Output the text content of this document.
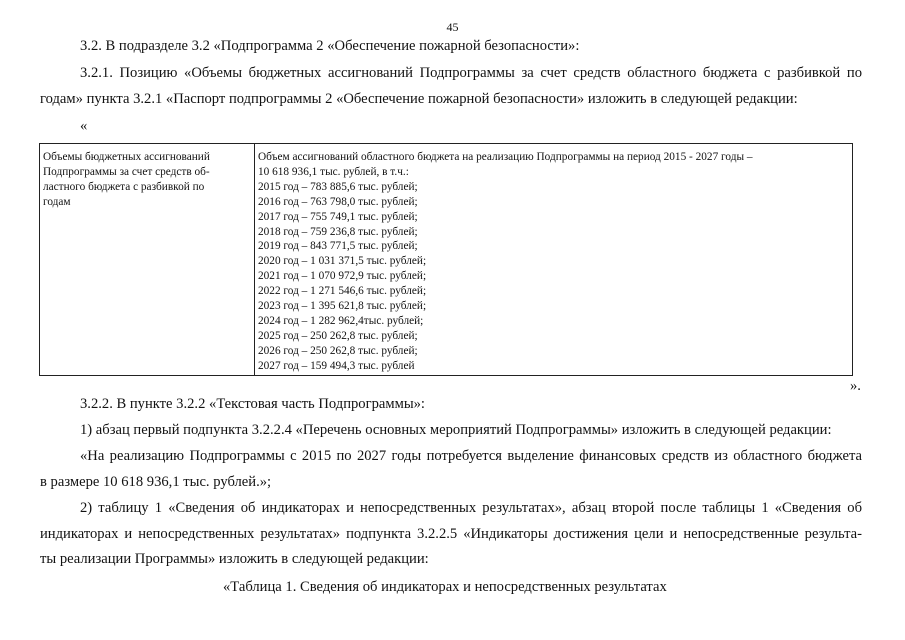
45
3.2. В подразделе 3.2 «Подпрограмма 2 «Обеспечение пожарной безопасности»:
3.2.1. Позицию «Объемы бюджетных ассигнований Подпрограммы за счет средств областного бюджета с разбивкой по
годам» пункта 3.2.1 «Паспорт подпрограммы 2 «Обеспечение пожарной безопасности» изложить в следующей редакции:
«
Объемы бюджетных ассигнований
Подпрограммы за счет средств об-
ластного бюджета с разбивкой по
годам
Объем ассигнований областного бюджета на реализацию Подпрограммы на период 2015 - 2027 годы –
10 618 936,1 тыс. рублей, в т.ч.:
2015 год – 783 885,6 тыс. рублей;
2016 год – 763 798,0 тыс. рублей;
2017 год – 755 749,1 тыс. рублей;
2018 год – 759 236,8 тыс. рублей;
2019 год – 843 771,5 тыс. рублей;
2020 год – 1 031 371,5 тыс. рублей;
2021 год – 1 070 972,9 тыс. рублей;
2022 год – 1 271 546,6 тыс. рублей;
2023 год – 1 395 621,8 тыс. рублей;
2024 год – 1 282 962,4тыс. рублей;
2025 год – 250 262,8 тыс. рублей;
2026 год – 250 262,8 тыс. рублей;
2027 год – 159 494,3 тыс. рублей
».
3.2.2. В пункте 3.2.2 «Текстовая часть Подпрограммы»:
1) абзац первый подпункта 3.2.2.4 «Перечень основных мероприятий Подпрограммы» изложить в следующей редакции:
«На реализацию Подпрограммы с 2015 по 2027 годы потребуется выделение финансовых средств из областного бюджета
в размере 10 618 936,1 тыс. рублей.»;
2) таблицу 1 «Сведения об индикаторах и непосредственных результатах», абзац второй после таблицы 1 «Сведения об
индикаторах и непосредственных результатах» подпункта 3.2.2.5 «Индикаторы достижения цели и непосредственные результа-
ты реализации Программы» изложить в следующей редакции:
«Таблица 1. Сведения об индикаторах и непосредственных результатах
